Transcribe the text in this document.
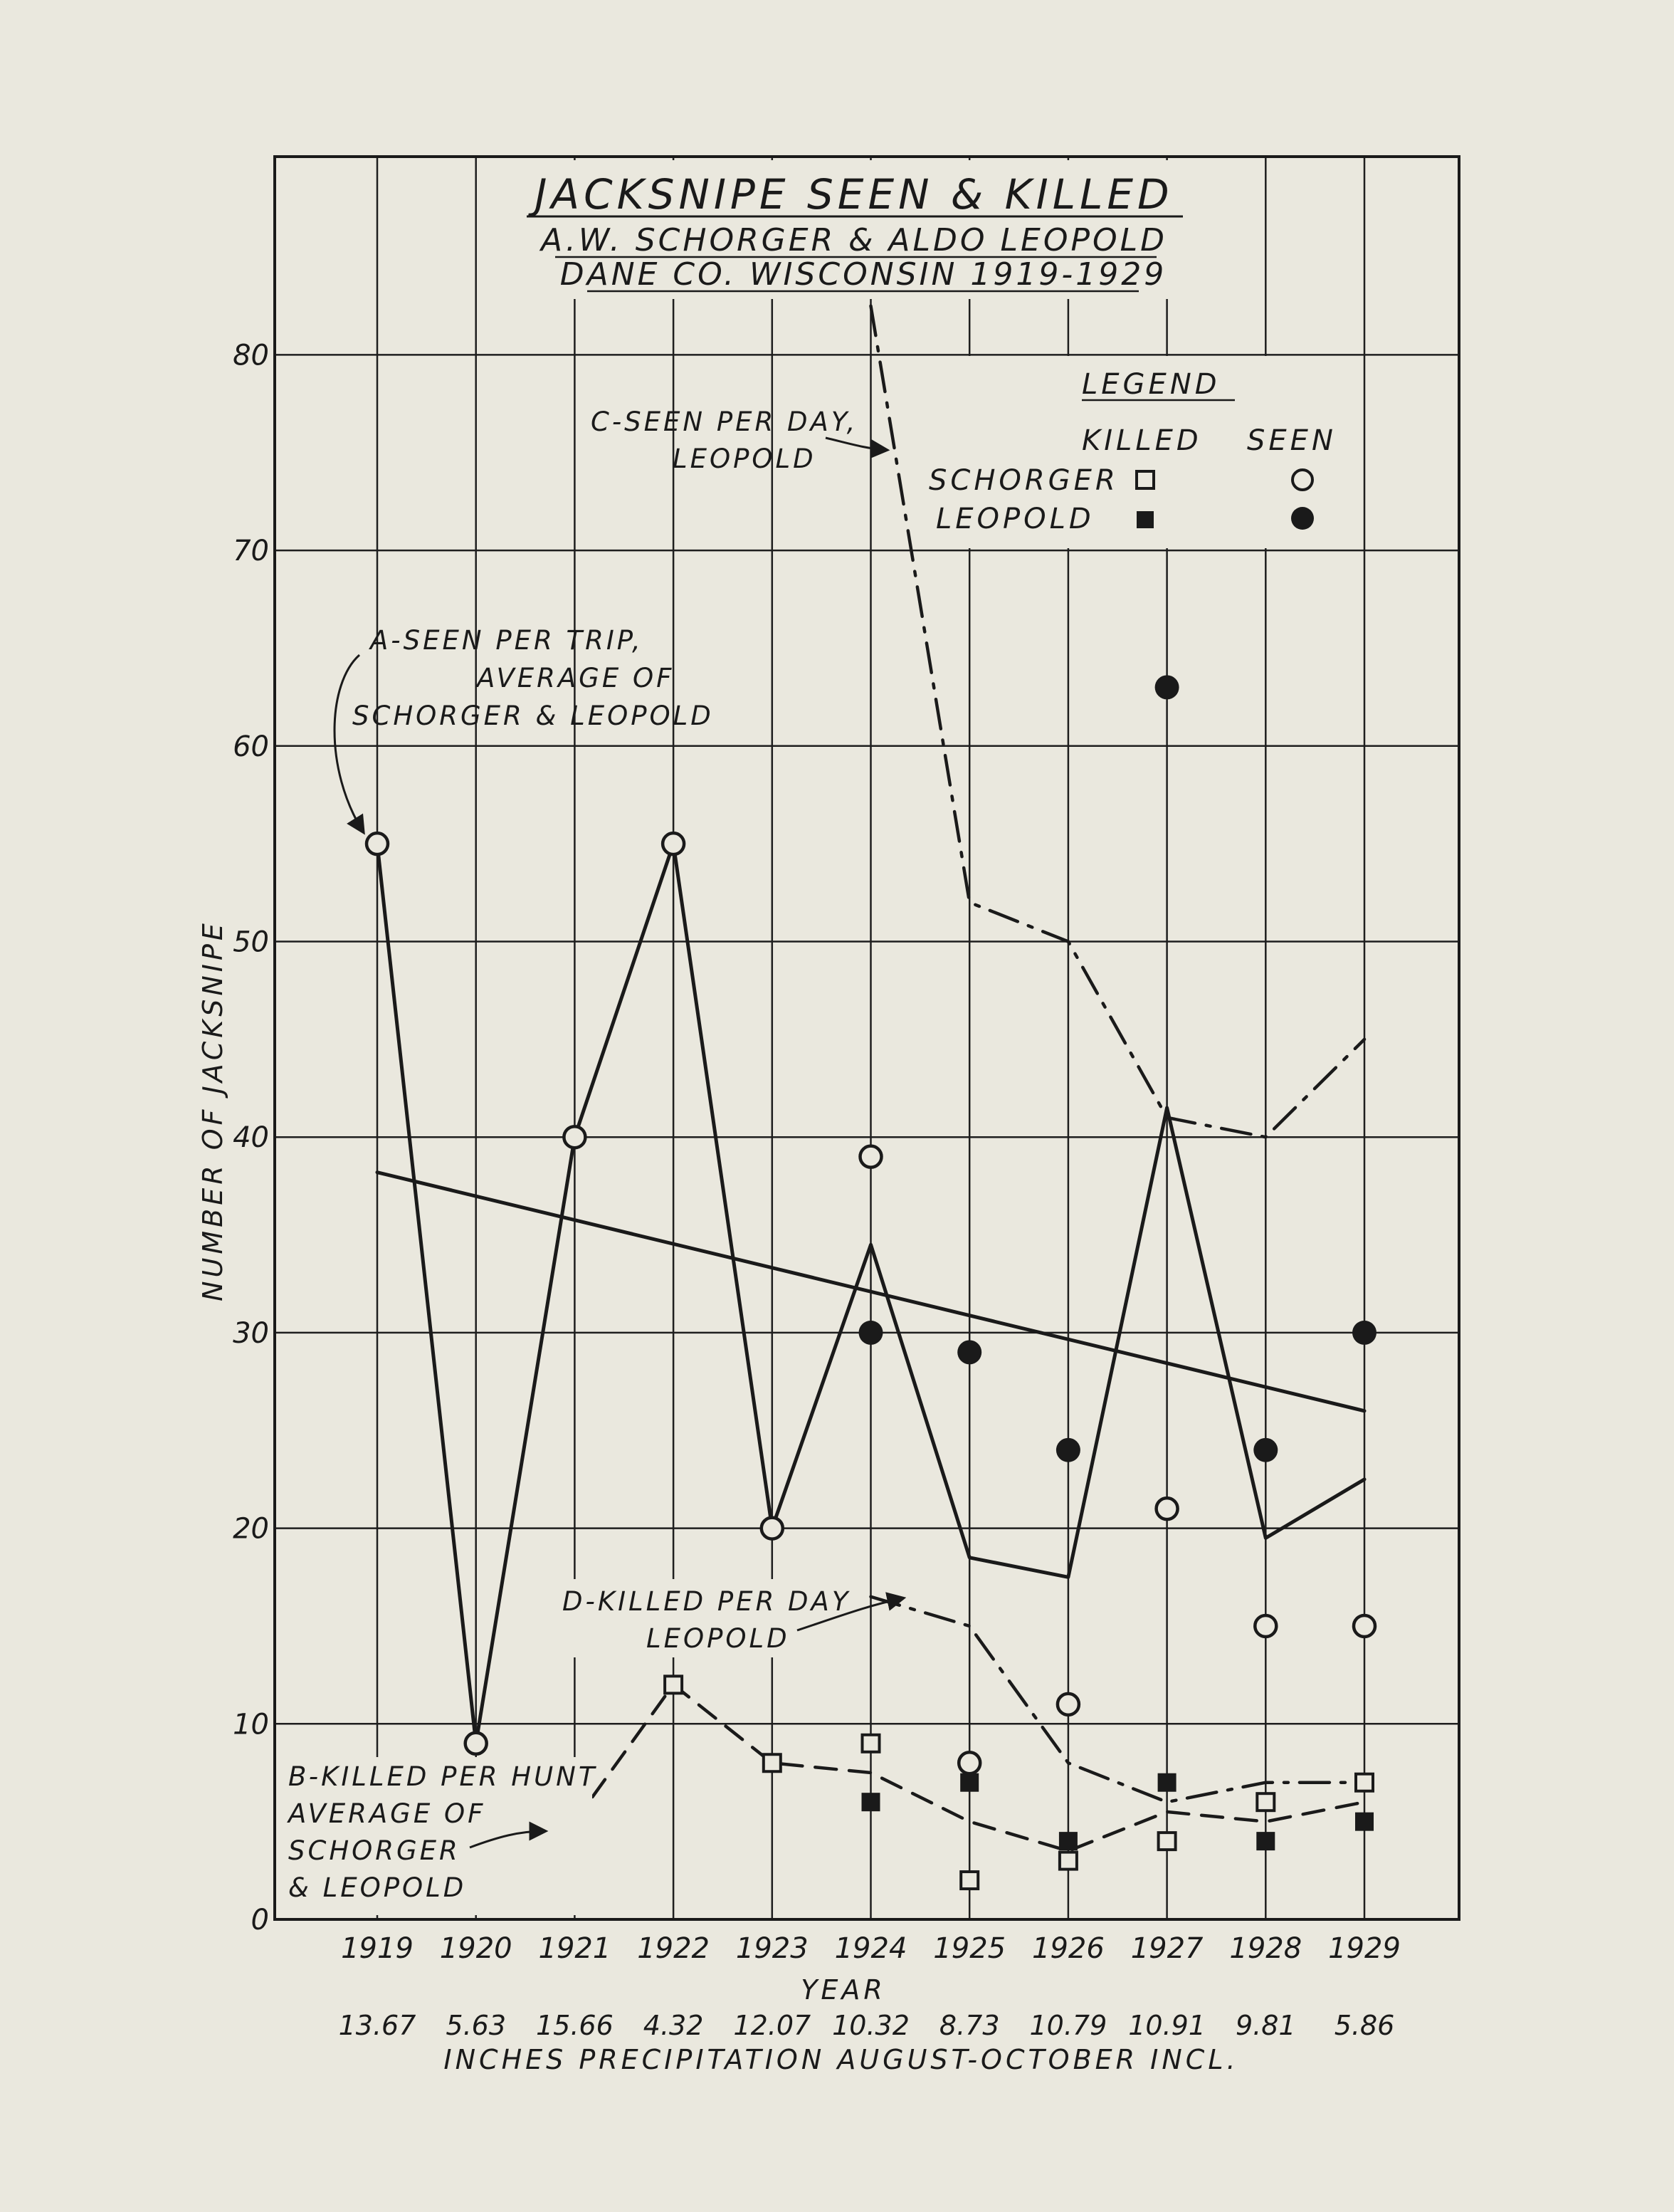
JACKSNIPE SEEN & KILLED
A.W. SCHORGER & ALDO LEOPOLD
DANE CO. WISCONSIN 1919-1929
LEGEND
KILLED SEEN
SCHORGER
LEOPOLD
0
10
20
30
40
50
60
70
80
NUMBER OF JACKSNIPE
1919 1920 1921 1922 1923 1924 1925 1926 1927 1928 1929
YEAR
13.67 5.63 15.66 4.32 12.07 10.32 8.73 10.79 10.91 9.81 5.86
INCHES PRECIPITATION AUGUST-OCTOBER INCL.
A-SEEN PER TRIP,
AVERAGE OF
SCHORGER & LEOPOLD
C-SEEN PER DAY,
LEOPOLD
D-KILLED PER DAY
LEOPOLD
B-KILLED PER HUNT
AVERAGE OF
SCHORGER
& LEOPOLD
